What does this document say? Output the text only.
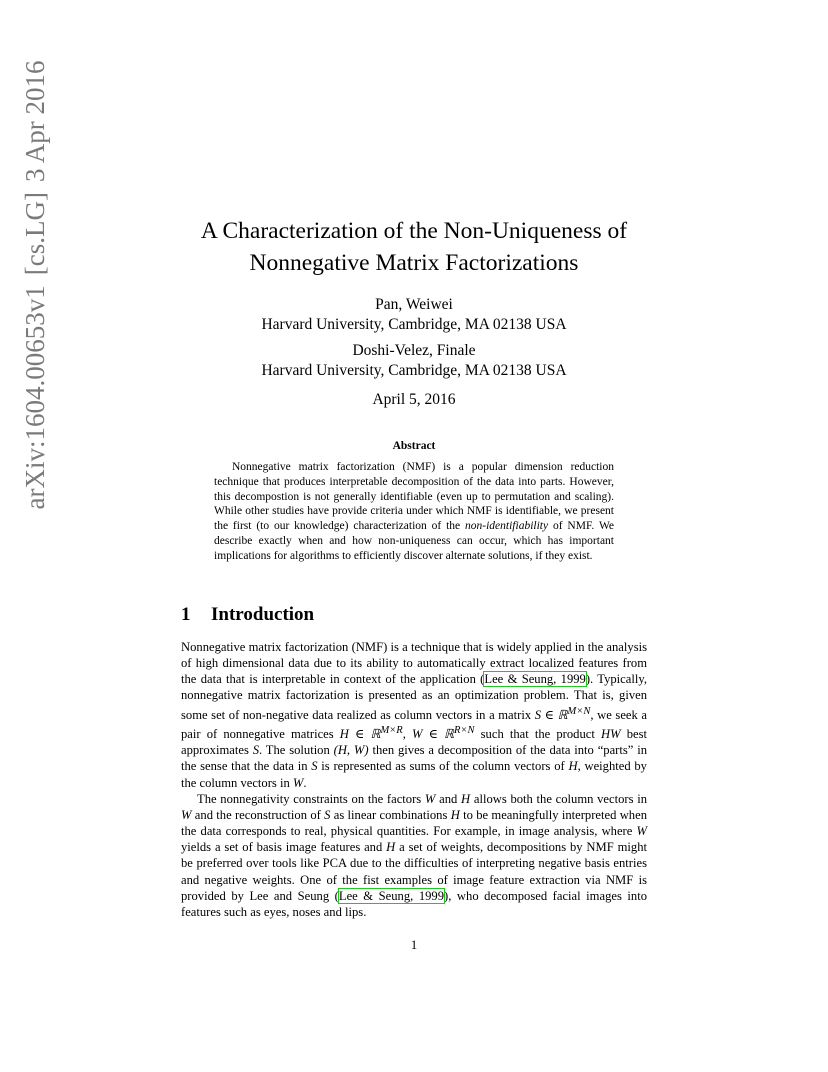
arXiv:1604.00653v1[cs.LG]3 Apr 2016
A Characterization of the Non-Uniqueness of
Nonnegative Matrix Factorizations
Pan, Weiwei
Harvard University, Cambridge, MA 02138 USA
Doshi-Velez, Finale
Harvard University, Cambridge, MA 02138 USA
April 5, 2016
Abstract
Nonnegative matrix factorization (NMF) is a popular dimension reduction technique that produces interpretable decomposition of the data into parts. However, this decompostion is not generally identifiable (even up to permutation and scaling). While other studies have provide criteria under which NMF is identifiable, we present the first (to our knowledge) characterization of the non-identifiability of NMF. We describe exactly when and how non-uniqueness can occur, which has important implications for algorithms to efficiently discover alternate solutions, if they exist.
1 Introduction

Nonnegative matrix factorization (NMF) is a technique that is widely applied in the analysis of high dimensional data due to its ability to automatically extract localized features from the data that is interpretable in context of the application (Lee & Seung, 1999). Typically, nonnegative matrix factorization is presented as an optimization problem. That is, given some set of non-negative data realized as column vectors in a matrix S ∈ ℝ$^{M\times N}$, we seek a pair of nonnegative matrices H ∈ ℝ$^{M\times R}$, W ∈ ℝ$^{R\times N}$ such that the product HW best approximates S. The solution (H, W) then gives a decomposition of the data into “parts” in the sense that the data in S is represented as sums of the column vectors of H, weighted by the column vectors in W.

The nonnegativity constraints on the factors W and H allows both the column vectors in W and the reconstruction of S as linear combinations H to be meaningfully interpreted when the data corresponds to real, physical quantities. For example, in image analysis, where W yields a set of basis image features and H a set of weights, decompositions by NMF might be preferred over tools like PCA due to the difficulties of interpreting negative basis entries and negative weights. One of the fist examples of image feature extraction via NMF is provided by Lee and Seung (Lee & Seung, 1999), who decomposed facial images into features such as eyes, noses and lips.

1
